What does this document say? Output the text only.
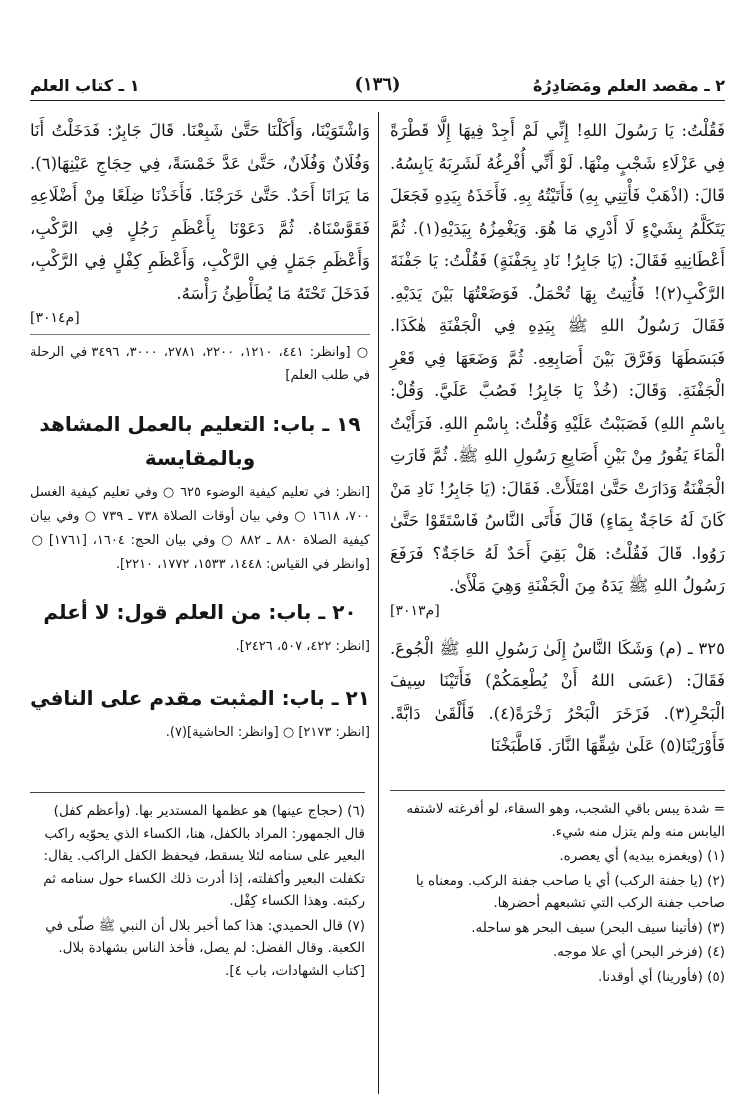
٢ ـ مقصد العلم ومَصَادِرُهُ
(١٣٦)
١ ـ كتاب العلم

فَقُلْتُ: يَا رَسُولَ اللهِ! إِنِّي لَمْ أَجِدْ فِيهَا إِلَّا قَطْرَةً فِي عَزْلَاءِ شَجْبٍ مِنْهَا. لَوْ أَنِّي أُفْرِغُهُ لَشَرِبَهُ يَابِسُهُ. قَالَ: (اذْهَبْ فَأْتِنِي بِهِ) فَأَتَيْتُهُ بِهِ. فَأَخَذَهُ بِيَدِهِ فَجَعَلَ يَتَكَلَّمُ بِشَيْءٍ لَا أَدْرِي مَا هُوَ. وَيَغْمِزُهُ بِيَدَيْهِ(١). ثُمَّ أَعْطَانِيهِ فَقَالَ: (يَا جَابِرُ! نَادِ بِجَفْنَةٍ) فَقُلْتُ: يَا جَفْنَةَ الرَّكْبِ(٢)! فَأُتِيتُ بِهَا تُحْمَلُ. فَوَضَعْتُهَا بَيْنَ يَدَيْهِ. فَقَالَ رَسُولُ اللهِ ﷺ بِيَدِهِ فِي الْجَفْنَةِ هٰكَذَا. فَبَسَطَهَا وَفَرَّقَ بَيْنَ أَصَابِعِهِ. ثُمَّ وَضَعَهَا فِي قَعْرِ الْجَفْنَةِ. وَقَالَ: (خُذْ يَا جَابِرُ! فَصُبَّ عَلَيَّ. وَقُلْ: بِاسْمِ اللهِ) فَصَبَبْتُ عَلَيْهِ وَقُلْتُ: بِاسْمِ اللهِ. فَرَأَيْتُ الْمَاءَ يَفُورُ مِنْ بَيْنِ أَصَابِعِ رَسُولِ اللهِ ﷺ. ثُمَّ فَارَتِ الْجَفْنَةُ وَدَارَتْ حَتَّىٰ امْتَلَأَتْ. فَقَالَ: (يَا جَابِرُ! نَادِ مَنْ كَانَ لَهُ حَاجَةٌ بِمَاءٍ) قَالَ فَأَتَى النَّاسُ فَاسْتَقَوْا حَتَّىٰ رَوُوا. قَالَ فَقُلْتُ: هَلْ بَقِيَ أَحَدٌ لَهُ حَاجَةٌ؟ فَرَفَعَ رَسُولُ اللهِ ﷺ يَدَهُ مِنَ الْجَفْنَةِ وَهِيَ مَلْأَىٰ.

[م٣٠١٣]

٣٢٥ ـ (م) وَشَكَا النَّاسُ إِلَىٰ رَسُولِ اللهِ ﷺ الْجُوعَ. فَقَالَ: (عَسَى اللهُ أَنْ يُطْعِمَكُمْ) فَأَتَيْنَا سِيفَ الْبَحْرِ(٣). فَزَخَرَ الْبَحْرُ زَخْرَةً(٤). فَأَلْقَىٰ دَابَّةً. فَأَوْرَيْنَا(٥) عَلَىٰ شِقِّهَا النَّارَ. فَاطَّبَخْنَا

= شدة يبس باقي الشجب، وهو السقاء، لو أفرغته لاشتفه اليابس منه ولم يتزل منه شيء.

(١) (ويغمزه بيديه) أي يعصره.

(٢) (يا جفنة الركب) أي يا صاحب جفنة الركب. ومعناه يا صاحب جفنة الركب التي تشبعهم أحضرها.

(٣) (فأتينا سيف البحر) سيف البحر هو ساحله.

(٤) (فزخر البحر) أي علا موجه.

(٥) (فأورينا) أي أوقدنا.

وَاشْتَوَيْنَا، وَأَكَلْنَا حَتَّىٰ شَبِعْنَا. قَالَ جَابِرٌ: فَدَخَلْتُ أَنَا وَفُلَانٌ وَفُلَانٌ، حَتَّىٰ عَدَّ خَمْسَةً، فِي حِجَاجِ عَيْنِهَا(٦). مَا يَرَانَا أَحَدٌ. حَتَّىٰ خَرَجْنَا. فَأَخَذْنَا ضِلَعًا مِنْ أَضْلَاعِهِ فَقَوَّسْنَاهُ. ثُمَّ دَعَوْنَا بِأَعْظَمِ رَجُلٍ فِي الرَّكْبِ، وَأَعْظَمِ جَمَلٍ فِي الرَّكْبِ، وَأَعْظَمِ كِفْلٍ فِي الرَّكْبِ، فَدَخَلَ تَحْتَهُ مَا يُطَأْطِئُ رَأْسَهُ.

[م٣٠١٤]

○ [وانظر: ٤٤١، ١٢١٠، ٢٢٠٠، ٢٧٨١، ٣٠٠٠، ٣٤٩٦ في الرحلة في طلب العلم]

١٩ ـ باب: التعليم بالعمل المشاهد وبالمقايسة

[انظر: في تعليم كيفية الوضوء ٦٢٥ ○ وفي تعليم كيفية الغسل ٧٠٠، ١٦١٨ ○ وفي بيان أوقات الصلاة ٧٣٨ ـ ٧٣٩ ○ وفي بيان كيفية الصلاة ٨٨٠ ـ ٨٨٢ ○ وفي بيان الحج: ١٦٠٤، [١٧٦١] ○ [وانظر في القياس: ١٤٤٨، ١٥٣٣، ١٧٧٢، ٢٢١٠].

٢٠ ـ باب: من العلم قول: لا أعلم

[انظر: ٤٢٢، ٥٠٧، ٢٤٢٦].

٢١ ـ باب: المثبت مقدم على النافي

[انظر: ٢١٧٣] ○ [وانظر: الحاشية](٧).

(٦) (حجاج عينها) هو عظمها المستدير بها. (وأعظم كفل) قال الجمهور: المراد بالكفل، هنا، الكساء الذي يحوّيه راكب البعير على سنامه لئلا يسقط، فيحفظ الكفل الراكب. يقال: تكفلت البعير وأكفلته، إذا أدرت ذلك الكساء حول سنامه ثم ركبته. وهذا الكساء كِفْل.

(٧) قال الحميدي: هذا كما أخبر بلال أن النبي ﷺ صلّى في الكعبة. وقال الفضل: لم يصل، فأخذ الناس بشهادة بلال. [كتاب الشهادات، باب ٤].
